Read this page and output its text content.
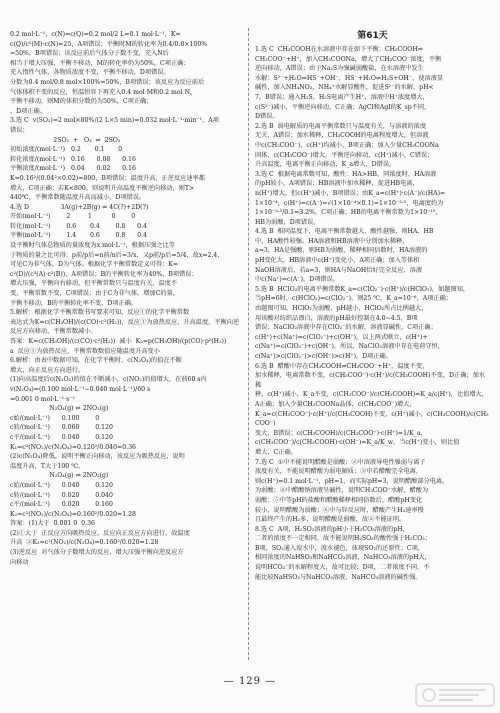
0.2 mol·L⁻¹，c(N)=c(Q)=0.2 mol/2 L=0.1 mol·L⁻¹，K=

c(Q)/c²(M)·c(N)=25，A项错误；平衡时M的转化率为0.4/0.8×100%

=50%，B项错误；该反应前后气体分子数不变，充入N后

相当于增大压强，平衡不移动，M的转化率仍为50%，C项正确；

充入惰性气体，各物质浓度不变，平衡不移动，D项错误。

分数为0.4 mol/0.8 mol×100%=50%，B项错误；该反应为反应前后

气体体积不变的反应，恒温恒容下再充入0.4 mol M和0.2 mol N，

平衡不移动，则M的体积分数仍为50%，C项正确；

，D项正确。

3.选 C  v(SO₂)=2 mol×80%/(2 L×5 min)=0.032 mol·L⁻¹·min⁻¹，A项

错误；

2SO₂  +   O₂  ⇌  2SO₃

初始浓度/(mol·L⁻¹)   0.2       0.1       0

转化浓度/(mol·L⁻¹)   0.16      0.08      0.16

平衡浓度/(mol·L⁻¹)   0.04      0.02      0.16

K=0.16²/(0.04²×0.02)=800，B项错误；温度升高，正逆反应速率都

增大，C项正确；若K<800，则说明升高温度平衡逆向移动，则T>

440℃，平衡常数随温度升高而减小，D项错误。

4.选 D                3A(g)+2B(g) ⇌ 4C(?)+2D(?)

开始(mol·L⁻¹)        2         1          0        0

转化(mol·L⁻¹)        0.6       0.4        0.8      0.4

平衡(mol·L⁻¹)        1.4       0.6        0.8      0.4

设平衡时气体总物质的量浓度为x mol·L⁻¹，根据压强之比等

于物质的量之比可得：p前/p后=n前/n后=3/x，又p前/p后=5/4，故x=2.4，

可见C为非气体，D为气体。根据化学平衡常数定义可得：K=

c²(D)/(c³(A)·c²(B))，A项错误；B的平衡转化率为40%，B项错误；

增大压强，平衡向右移动，但平衡常数只与温度有关，温度不

变，平衡常数不变，C项错误；由于C为非气体，增加C的量，

平衡不移动，B的平衡转化率不变，D项正确。

5.解析：根据化学平衡常数书写要求可知，反应①的化学平衡常数

表达式为K=c(CH₃OH)/(c(CO)·c²(H₂))，反应①为放热反应，升高温度，平衡向逆

反应方向移动，平衡常数减小。

答案：K=c(CH₃OH)/(c(CO)·c²(H₂))  减小  K₂=p(CH₃OH)/(p(CO)·p²(H₂))

a  反应①为放热反应，平衡常数数值应随温度升高变小

6.解析：由表中数据可知，在化学平衡时，c(N₂O₄)的值在不断

增大，向正反应方向进行。

(1)向高温度后c(N₂O₄)的值在不断减小，c(NO₂)的值增大，在前60 s内

v(N₂O₄)=(0.100 mol·L⁻¹−0.040 mol·L⁻¹)/60 s

=0.001 0 mol·L⁻¹·s⁻¹

N₂O₄(g) ⇌ 2NO₂(g)

c始/(mol·L⁻¹)      0.100        0

c转/(mol·L⁻¹)      0.060        0.120

c平/(mol·L⁻¹)      0.040        0.120

K₁=c²(NO₂)/c(N₂O₄)=0.120²/0.040=0.36

(2)c(N₂O₄)降低，说明平衡正向移动，该反应为吸热反应，说明

温度升高，T大于100 ℃。

N₂O₄(g) ⇌ 2NO₂(g)

c始/(mol·L⁻¹)      0.040        0.120

c转/(mol·L⁻¹)      0.020        0.040

c平/(mol·L⁻¹)      0.020        0.160

K₂=c²(NO₂)/c(N₂O₄)=0.160²/0.020=1.28

答案：(1)大于  0.001 0  0.36

(2)①大于  正反应方向吸热反应，反应向正反应方向进行，故温度

升高  ②K₂=c²(NO₂)/c(N₂O₄)=0.160²/0.020=1.28

(3)逆反应  对气体分子数增大的反应，增大压强平衡向逆反应方

向移动

第61天

1.选 C  CH₃COOH在水溶液中存在如下平衡：CH₃COOH⇌

CH₃COO⁻+H⁺，加入CH₃COONa，增大了CH₃COO⁻浓度，平衡

逆向移动，A错误；由于Na₂S为强碱弱酸盐，在水溶液中发生

水解：S²⁻+H₂O⇌HS⁻+OH⁻，HS⁻+H₂O⇌H₂S+OH⁻，使溶液显

碱性，加入NH₄NO₃，NH₄⁺水解显酸性，促进S²⁻的水解，pH<

7，B错误；通入H₂S，H₂S电离产生H⁺，溶液中H⁺浓度增大，

c(S²⁻)减小，平衡逆向移动，C正确；AgCl和AgI的K_sp不同，

D错误。

2.选 B  弱电解质的电离平衡常数只与温度有关，与溶液的浓度

无关，A错误；加水稀释，CH₃COOH的电离程度增大，但溶液

中c(CH₃COO⁻)、c(H⁺)均减小，B项正确；加入少量CH₃COONa

固体，c(CH₃COO⁻)增大，平衡逆向移动，c(H⁺)减小，C错误；

升高温度，电离平衡正向移动，K_a增大，D错误。

3.选 C  根据电离常数可知，酸性：HA>HB，同浓度时，HA溶液

的pH较小，A项错误；HB溶液中加水稀释，促进HB电离，

n(H⁺)增大，但c(H⁺)减小，B项错误；由K_a=c(H⁺)·c(A⁻)/c(HA)=

1×10⁻⁴，c(H⁺)=c(A⁻)≈√(1×10⁻⁴×0.1)=1×10⁻²·⁵，电离度约为

1×10⁻²·⁵/0.1≈3.2%，C项正确；HB的电离平衡常数为1×10⁻¹⁰，

HB为弱酸，D项错误。

4.选 B  相同温度下，电离平衡常数越大，酸性越强，则HA、HB

中，HA酸性较强。HA溶液和HB溶液中分别加水稀释，

a=3，HA是强酸，则HB为弱酸，稀释相同倍数时，HA溶液的

pH变化大，HB溶液中c(H⁺)变化小，A项正确；加入等体积

NaOH溶液后，若a=3，则HA与NaOH恰好完全反应，溶液

中c(Na⁺)=c(A⁻)，D项错误。

5.选 B  HClO₂的电离平衡常数K_a=c(ClO₂⁻)·c(H⁺)/c(HClO₂)，如题图知，

当pH=6时，c(HClO₂)=c(ClO₂⁻)，则25 ℃，K_a=10⁻⁶，A项正确；

由题图可知，HClO₂为弱酸，pH越小，HClO₂所占比例越大，

用该酸对纺织品漂白，溶液的pH最好控制在4.0~4.5，B项

错误；NaClO₂溶液中存在ClO₂⁻的水解，溶液显碱性，C项正确；

c(H⁺)+c(Na⁺)=c(ClO₂⁻)+c(OH⁻)，以上两式联立，c(H⁺)+

c(Na⁺)=c(ClO₂⁻)+c(OH⁻)，所以，NaClO₂溶液中存在电荷守恒，

c(Na⁺)>c(ClO₂⁻)>c(OH⁻)>c(H⁺)，D项正确。

6.选 B  醋酸中存在CH₃COOH⇌CH₃COO⁻+H⁺，温度不变，

加水稀释，电离常数不变，c(CH₃COO⁻)·c(H⁺)/c(CH₃COOH)不变，D正确；加水稀

释，c(H⁺)减小，K_a不变，c(CH₃COO⁻)/c(CH₃COOH)=K_a/c(H⁺)，比值增大，

A正确；加入少量CH₃COONa晶体，c(CH₃COO⁻)增大，

K_a=c(CH₃COO⁻)·c(H⁺)/c(CH₃COOH)不变，c(H⁺)减小，c(CH₃COOH)/c(CH₃COO⁻)

变大，B错误；c(CH₃COOH)/c(CH₃COO⁻)·c(H⁺)=1/K_a，

c(CH₃COO⁻)/c(CH₃COOH)·c(OH⁻)=K_a/K_w，当c(H⁺)变小，则比值

增大，C正确。

7.选 C  ①中不能说明醋酸是弱酸；②中溶液导电性强弱与离子

浓度有关，不能说明醋酸为弱电解质；③中若醋酸完全电离，

则c(H⁺)=0.1 mol·L⁻¹，pH=1，而实际pH=3，说明醋酸部分电离，

为弱酸；④中醋酸钠溶液呈碱性，说明CH₃COO⁻水解，醋酸为

弱酸；⑤中等pH的盐酸和醋酸稀释相同倍数后，醋酸pH变化

较小，说明醋酸为弱酸；⑥中与锌反应时，醋酸产生H₂速率慢

且最终产生的H₂多，说明醋酸是弱酸，故②不能证明。

8.选 C  A项，H₂SO₃溶液的pH小于H₂CO₃溶液的pH，

二者的浓度不一定相同，故不能说明H₂SO₃的酸性强于H₂CO₃；

B项，SO₂通入溴水中，溴水褪色，体现SO₂的还原性；C项，

相同浓度的NaHSO₃和NaHCO₃溶液，NaHCO₃溶液的pH大，

说明HCO₃⁻的水解程度大，故可比较；D项，二者浓度不同，不

能比较NaHSO₃与NaHCO₃溶液，NaHCO₃溶液的碱性强。

— 129 —
